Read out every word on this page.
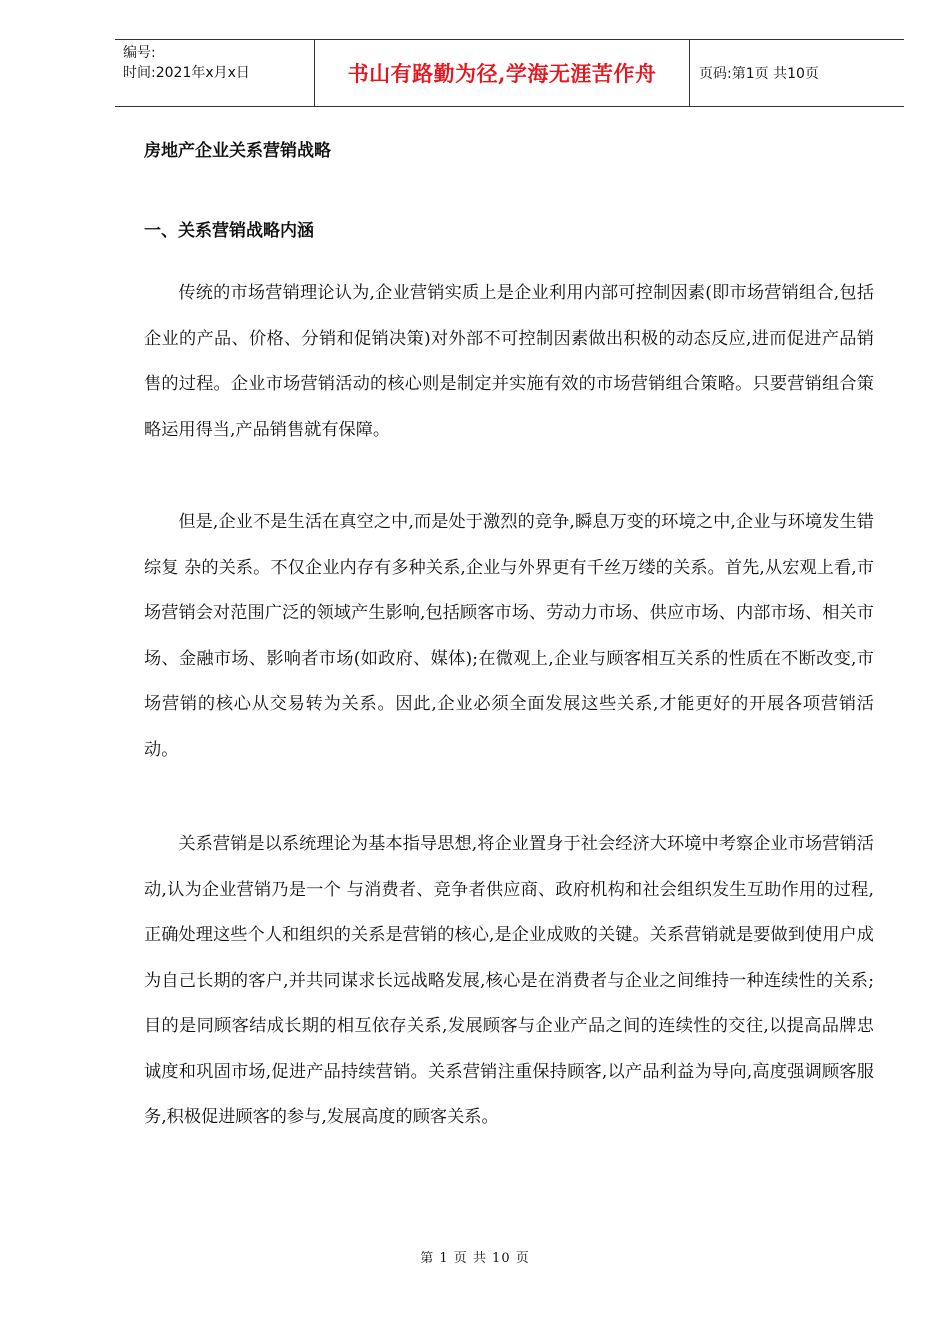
编号:
时间:2021年x月x日	书山有路勤为径,学海无涯苦作舟	页码:第1页 共10页
房地产企业关系营销战略
一、关系营销战略内涵

传统的市场营销理论认为,企业营销实质上是企业利用内部可控制因素(即市场营销组合,包括企业的产品、价格、分销和促销决策)对外部不可控制因素做出积极的动态反应,进而促进产品销售的过程。企业市场营销活动的核心则是制定并实施有效的市场营销组合策略。只要营销组合策略运用得当,产品销售就有保障。

但是,企业不是生活在真空之中,而是处于激烈的竞争,瞬息万变的环境之中,企业与环境发生错综复 杂的关系。不仅企业内存有多种关系,企业与外界更有千丝万缕的关系。首先,从宏观上看,市场营销会对范围广泛的领域产生影响,包括顾客市场、劳动力市场、供应市场、内部市场、相关市场、金融市场、影响者市场(如政府、媒体);在微观上,企业与顾客相互关系的性质在不断改变,市场营销的核心从交易转为关系。因此,企业必须全面发展这些关系,才能更好的开展各项营销活动。

关系营销是以系统理论为基本指导思想,将企业置身于社会经济大环境中考察企业市场营销活动,认为企业营销乃是一个 与消费者、竞争者供应商、政府机构和社会组织发生互助作用的过程,正确处理这些个人和组织的关系是营销的核心,是企业成败的关键。关系营销就是要做到使用户成为自己长期的客户,并共同谋求长远战略发展,核心是在消费者与企业之间维持一种连续性的关系;目的是同顾客结成长期的相互依存关系,发展顾客与企业产品之间的连续性的交往,以提高品牌忠诚度和巩固市场,促进产品持续营销。关系营销注重保持顾客,以产品利益为导向,高度强调顾客服务,积极促进顾客的参与,发展高度的顾客关系。

第 1 页 共 10 页
